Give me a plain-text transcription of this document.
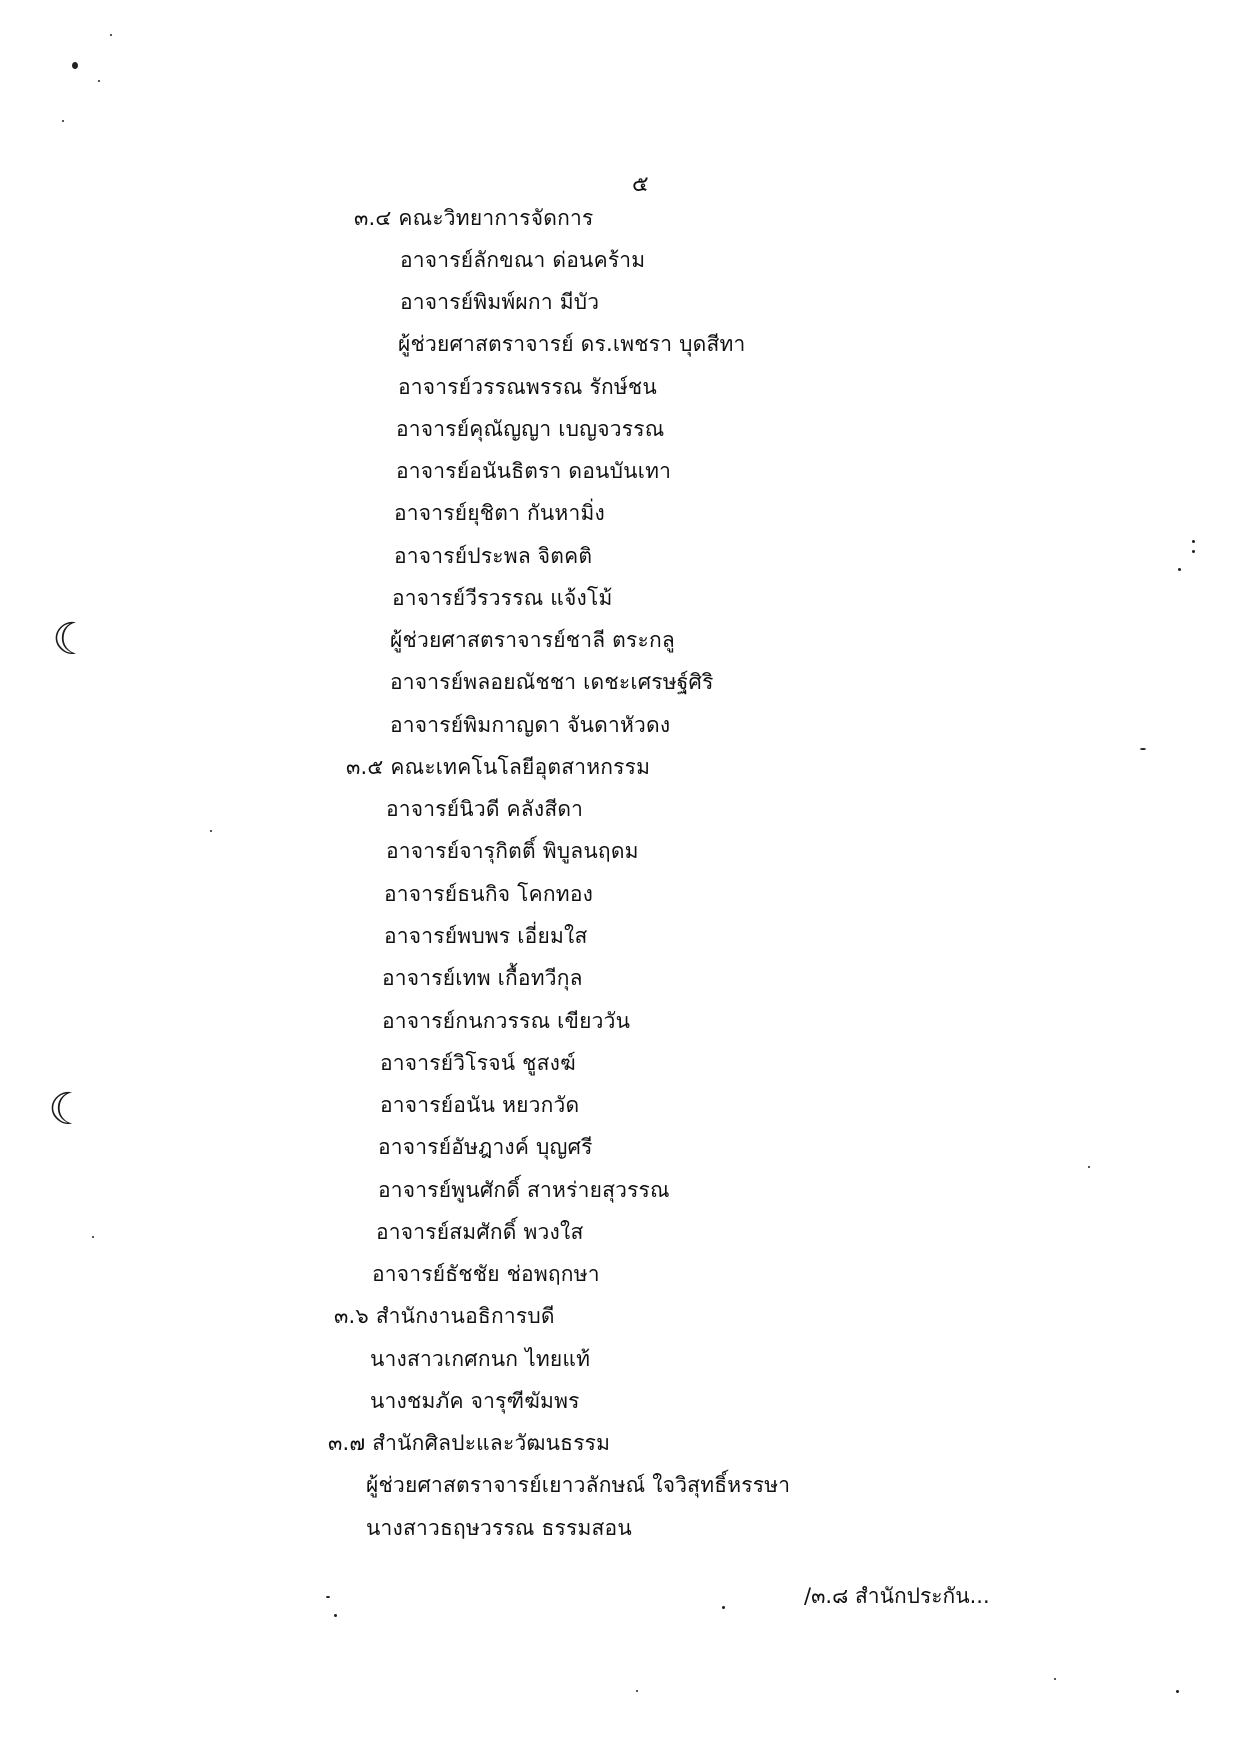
๕
๓.๔ คณะวิทยาการจัดการ
อาจารย์ลักขณา ด่อนคร้าม
อาจารย์พิมพ์ผกา มีบัว
ผู้ช่วยศาสตราจารย์ ดร.เพชรา บุดสีทา
อาจารย์วรรณพรรณ รักษ์ชน
อาจารย์คุณัญญา เบญจวรรณ
อาจารย์อนันธิตรา ดอนบันเทา
อาจารย์ยุชิตา กันหามิ่ง
อาจารย์ประพล จิตคติ
อาจารย์วีรวรรณ แจ้งโม้
ผู้ช่วยศาสตราจารย์ชาลี ตระกลู
อาจารย์พลอยณัชชา เดชะเศรษฐ์ศิริ
อาจารย์พิมกาญดา จันดาหัวดง
๓.๕ คณะเทคโนโลยีอุตสาหกรรม
อาจารย์นิวดี คลังสีดา
อาจารย์จารุกิตติ์ พิบูลนฤดม
อาจารย์ธนกิจ โคกทอง
อาจารย์พบพร เอี่ยมใส
อาจารย์เทพ เกื้อทวีกุล
อาจารย์กนกวรรณ เขียววัน
อาจารย์วิโรจน์ ชูสงฆ์
อาจารย์อนัน หยวกวัด
อาจารย์อัษฎางค์ บุญศรี
อาจารย์พูนศักดิ์ สาหร่ายสุวรรณ
อาจารย์สมศักดิ์ พวงใส
อาจารย์ธัชชัย ช่อพฤกษา
๓.๖ สำนักงานอธิการบดี
นางสาวเกศกนก ไทยแท้
นางชมภัค จารุฑีฆัมพร
๓.๗ สำนักศิลปะและวัฒนธรรม
ผู้ช่วยศาสตราจารย์เยาวลักษณ์ ใจวิสุทธิ์หรรษา
นางสาวธฤษวรรณ ธรรมสอน
/๓.๘ สำนักประกัน...
☾
☾
